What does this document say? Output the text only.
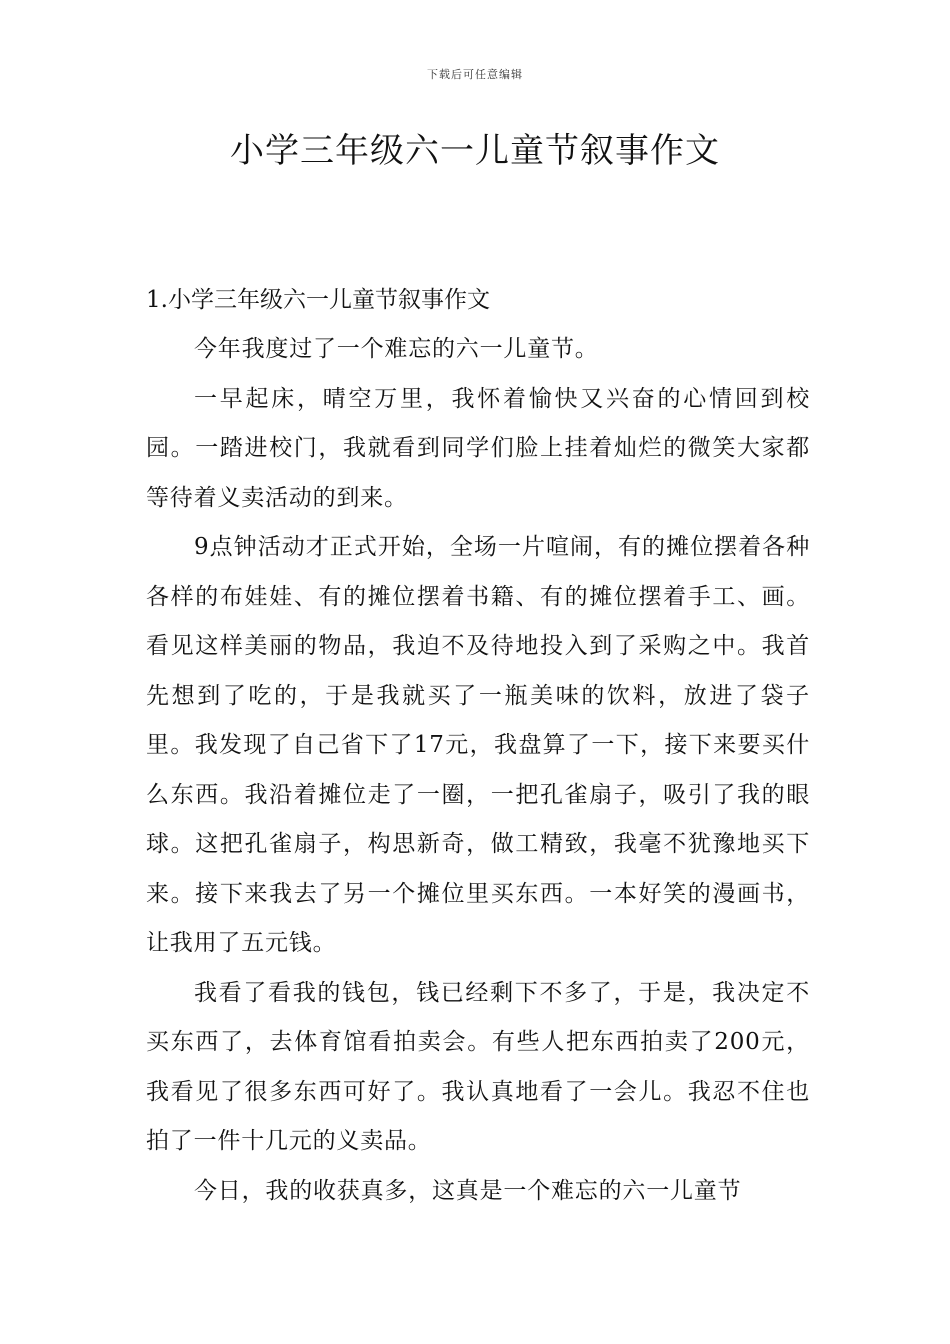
下载后可任意编辑
小学三年级六一儿童节叙事作文

1.小学三年级六一儿童节叙事作文

今年我度过了一个难忘的六一儿童节。

一早起床，晴空万里，我怀着愉快又兴奋的心情回到校园。一踏进校门，我就看到同学们脸上挂着灿烂的微笑大家都等待着义卖活动的到来。

9点钟活动才正式开始，全场一片喧闹，有的摊位摆着各种各样的布娃娃、有的摊位摆着书籍、有的摊位摆着手工、画。看见这样美丽的物品，我迫不及待地投入到了采购之中。我首先想到了吃的，于是我就买了一瓶美味的饮料，放进了袋子里。我发现了自己省下了17元，我盘算了一下，接下来要买什么东西。我沿着摊位走了一圈，一把孔雀扇子，吸引了我的眼球。这把孔雀扇子，构思新奇，做工精致，我毫不犹豫地买下来。接下来我去了另一个摊位里买东西。一本好笑的漫画书，让我用了五元钱。

我看了看我的钱包，钱已经剩下不多了，于是，我决定不买东西了，去体育馆看拍卖会。有些人把东西拍卖了200元，我看见了很多东西可好了。我认真地看了一会儿。我忍不住也拍了一件十几元的义卖品。

今日，我的收获真多，这真是一个难忘的六一儿童节
